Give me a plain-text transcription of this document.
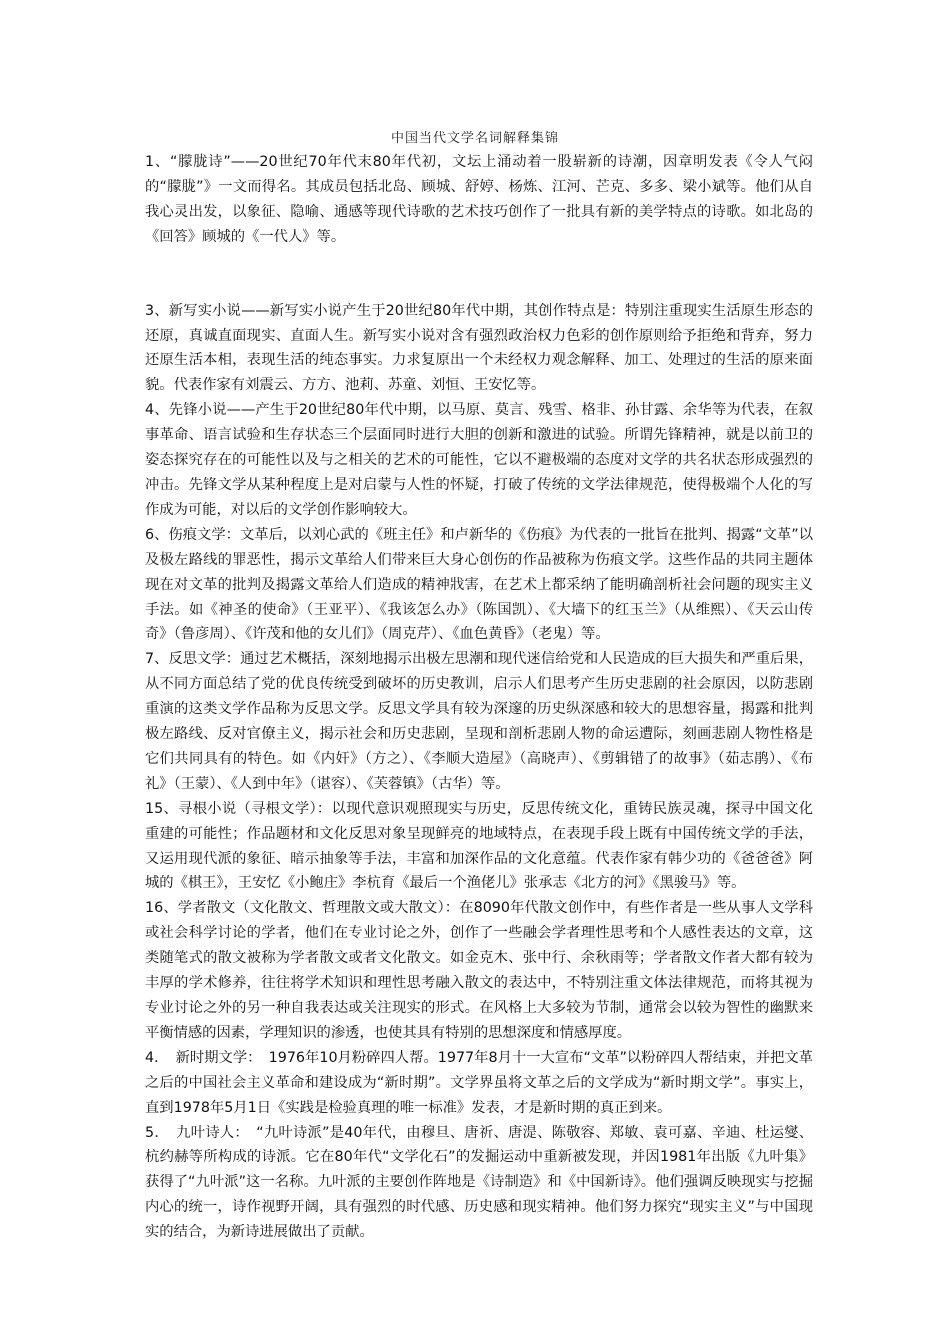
中国当代文学名词解释集锦

1、“朦胧诗”——20世纪70年代末80年代初，文坛上涌动着一股崭新的诗潮，因章明发表《令人气闷的“朦胧”》一文而得名。其成员包括北岛、顾城、舒婷、杨炼、江河、芒克、多多、梁小斌等。他们从自我心灵出发，以象征、隐喻、通感等现代诗歌的艺术技巧创作了一批具有新的美学特点的诗歌。如北岛的《回答》顾城的《一代人》等。

3、新写实小说——新写实小说产生于20世纪80年代中期，其创作特点是：特别注重现实生活原生形态的还原，真诚直面现实、直面人生。新写实小说对含有强烈政治权力色彩的创作原则给予拒绝和背弃，努力还原生活本相，表现生活的纯态事实。力求复原出一个未经权力观念解释、加工、处理过的生活的原来面貌。代表作家有刘震云、方方、池莉、苏童、刘恒、王安忆等。

4、先锋小说——产生于20世纪80年代中期，以马原、莫言、残雪、格非、孙甘露、余华等为代表，在叙事革命、语言试验和生存状态三个层面同时进行大胆的创新和激进的试验。所谓先锋精神，就是以前卫的姿态探究存在的可能性以及与之相关的艺术的可能性，它以不避极端的态度对文学的共名状态形成强烈的冲击。先锋文学从某种程度上是对启蒙与人性的怀疑，打破了传统的文学法律规范，使得极端个人化的写作成为可能，对以后的文学创作影响较大。

6、伤痕文学：文革后，以刘心武的《班主任》和卢新华的《伤痕》为代表的一批旨在批判、揭露“文革”以及极左路线的罪恶性，揭示文革给人们带来巨大身心创伤的作品被称为伤痕文学。这些作品的共同主题体现在对文革的批判及揭露文革给人们造成的精神戕害，在艺术上都采纳了能明确剖析社会问题的现实主义手法。如《神圣的使命》（王亚平）、《我该怎么办》（陈国凯）、《大墙下的红玉兰》（从维熙）、《天云山传奇》（鲁彦周）、《许茂和他的女儿们》（周克芹）、《血色黄昏》（老鬼）等。

7、反思文学：通过艺术概括，深刻地揭示出极左思潮和现代迷信给党和人民造成的巨大损失和严重后果，从不同方面总结了党的优良传统受到破坏的历史教训，启示人们思考产生历史悲剧的社会原因，以防悲剧重演的这类文学作品称为反思文学。反思文学具有较为深邃的历史纵深感和较大的思想容量，揭露和批判极左路线、反对官僚主义，揭示社会和历史悲剧，呈现和剖析悲剧人物的命运遭际，刻画悲剧人物性格是它们共同具有的特色。如《内奸》（方之）、《李顺大造屋》（高晓声）、《剪辑错了的故事》（茹志鹃）、《布礼》（王蒙）、《人到中年》（谌容）、《芙蓉镇》（古华）等。

15、寻根小说（寻根文学）：以现代意识观照现实与历史，反思传统文化，重铸民族灵魂，探寻中国文化重建的可能性；作品题材和文化反思对象呈现鲜亮的地域特点，在表现手段上既有中国传统文学的手法，又运用现代派的象征、暗示抽象等手法，丰富和加深作品的文化意蕴。代表作家有韩少功的《爸爸爸》阿城的《棋王》，王安忆《小鲍庄》李杭育《最后一个渔佬儿》张承志《北方的河》《黑骏马》等。

16、学者散文（文化散文、哲理散文或大散文）：在8090年代散文创作中，有些作者是一些从事人文学科或社会科学讨论的学者，他们在专业讨论之外，创作了一些融会学者理性思考和个人感性表达的文章，这类随笔式的散文被称为学者散文或者文化散文。如金克木、张中行、余秋雨等；学者散文作者大都有较为丰厚的学术修养，往往将学术知识和理性思考融入散文的表达中，不特别注重文体法律规范，而将其视为专业讨论之外的另一种自我表达或关注现实的形式。在风格上大多较为节制，通常会以较为智性的幽默来平衡情感的因素，学理知识的渗透，也使其具有特别的思想深度和情感厚度。

4．　新时期文学：　1976年10月粉碎四人帮。1977年8月十一大宣布“文革”以粉碎四人帮结束，并把文革之后的中国社会主义革命和建设成为“新时期”。文学界虽将文革之后的文学成为“新时期文学”。事实上，直到1978年5月1日《实践是检验真理的唯一标准》发表，才是新时期的真正到来。

5．　九叶诗人：　“九叶诗派”是40年代，由穆旦、唐祈、唐湜、陈敬容、郑敏、袁可嘉、辛迪、杜运燮、杭约赫等所构成的诗派。它在80年代“文学化石”的发掘运动中重新被发现，并因1981年出版《九叶集》获得了“九叶派”这一名称。九叶派的主要创作阵地是《诗制造》和《中国新诗》。他们强调反映现实与挖掘内心的统一，诗作视野开阔，具有强烈的时代感、历史感和现实精神。他们努力探究“现实主义”与中国现实的结合，为新诗进展做出了贡献。
